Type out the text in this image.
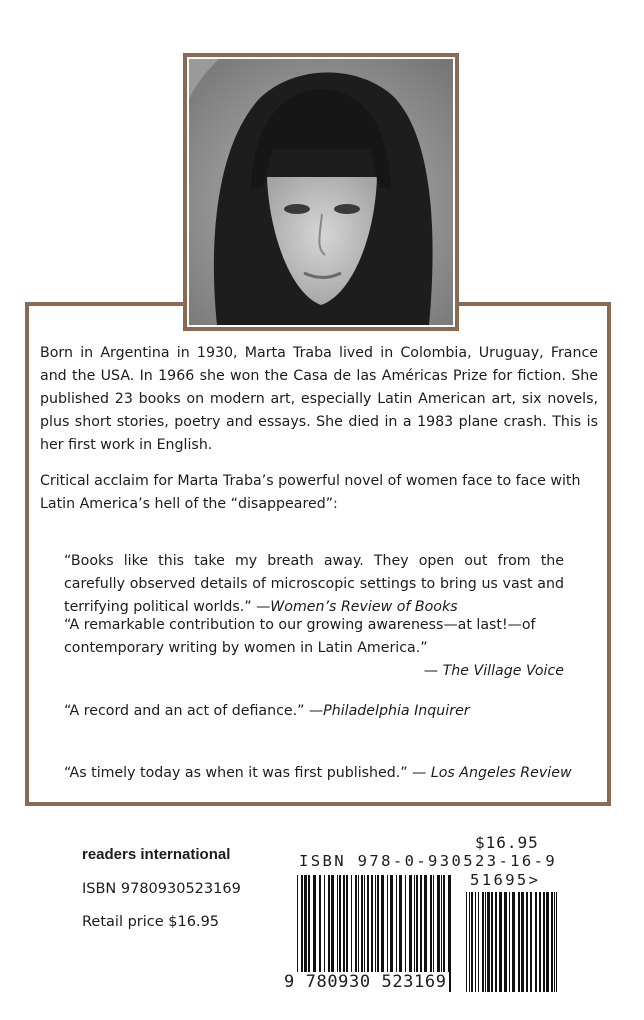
Born in Argentina in 1930, Marta Traba lived in Colombia, Uruguay, France and the USA. In 1966 she won the Casa de las Américas Prize for fiction. She published 23 books on modern art, especially Latin American art, six novels, plus short stories, poetry and essays. She died in a 1983 plane crash. This is her first work in English.

Critical acclaim for Marta Traba’s powerful novel of women face to face with Latin America’s hell of the “disappeared”:

“Books like this take my breath away. They open out from the carefully observed details of microscopic settings to bring us vast and terrifying political worlds.” —Women’s Review of Books

“A remarkable contribution to our growing awareness—at last!—of contemporary writing by women in Latin America.”
— The Village Voice

“A record and an act of defiance.” —Philadelphia Inquirer

“As timely today as when it was first published.” — Los Angeles Review

readers international
ISBN 9780930523169
Retail price $16.95
$16.95
ISBN 978-0-930523-16-9
51695>
9 780930 523169
